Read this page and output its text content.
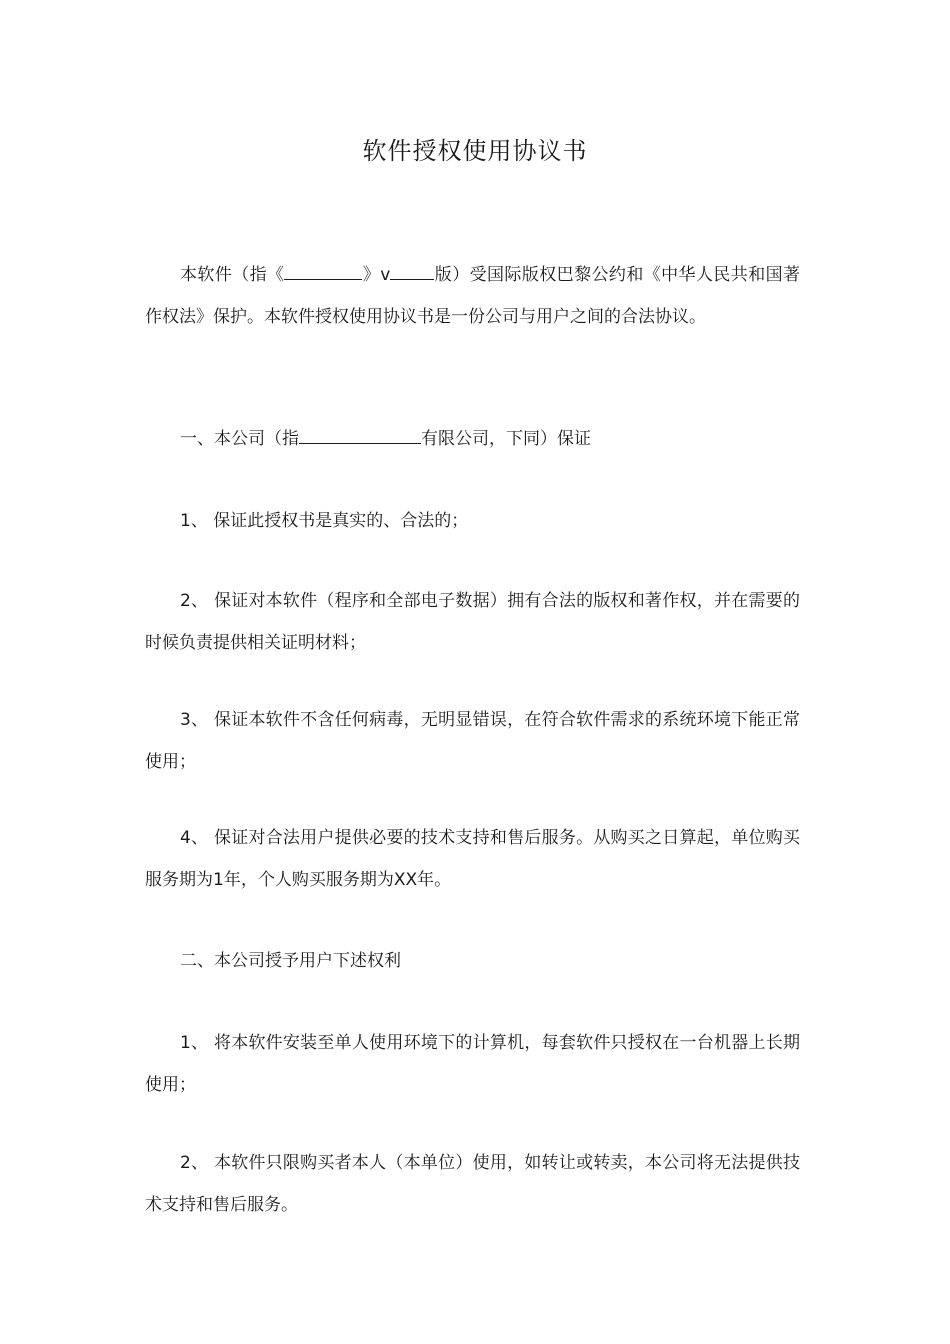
软件授权使用协议书

本软件（指《	》v	版）受国际版权巴黎公约和《中华人民共和国著作权法》保护。本软件授权使用协议书是一份公司与用户之间的合法协议。

一、本公司（指	有限公司，下同）保证

1、 保证此授权书是真实的、合法的；

2、 保证对本软件（程序和全部电子数据）拥有合法的版权和著作权，并在需要的时候负责提供相关证明材料；

3、 保证本软件不含任何病毒，无明显错误，在符合软件需求的系统环境下能正常使用；

4、 保证对合法用户提供必要的技术支持和售后服务。从购买之日算起，单位购买服务期为1年，个人购买服务期为XX年。

二、本公司授予用户下述权利

1、 将本软件安装至单人使用环境下的计算机，每套软件只授权在一台机器上长期使用；

2、 本软件只限购买者本人（本单位）使用，如转让或转卖，本公司将无法提供技术支持和售后服务。
